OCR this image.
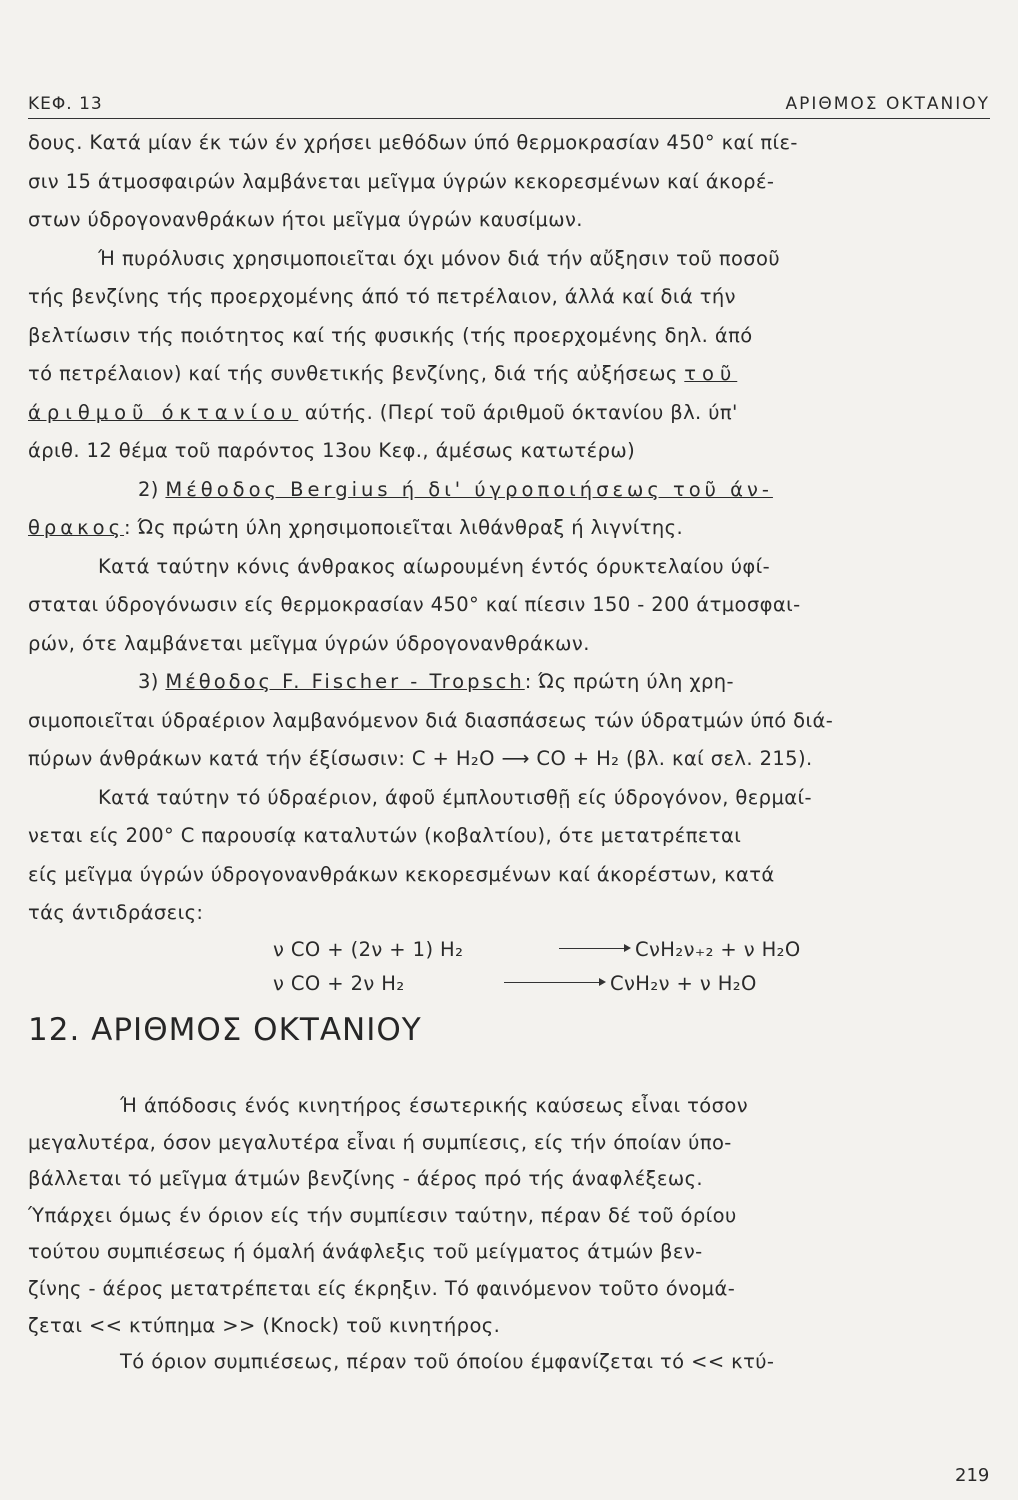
ΚΕΦ. 13	ΑΡΙΘΜΟΣ ΟΚΤΑΝΙΟΥ
δους. Κατά μίαν έκ τών έν χρήσει μεθόδων ύπό θερμοκρασίαν 450° καί πίε-
σιν 15 άτμοσφαιρών λαμβάνεται μεῖγμα ύγρών κεκορεσμένων καί άκορέ-
στων ύδρογονανθράκων ήτοι μεῖγμα ύγρών καυσίμων.
Ή πυρόλυσις χρησιμοποιεῖται όχι μόνον διά τήν αὔξησιν τοῦ ποσοῦ
τής βενζίνης τής προερχομένης άπό τό πετρέλαιον, άλλά καί διά τήν
βελτίωσιν τής ποιότητος καί τής φυσικής (τής προερχομένης δηλ. άπό
τό πετρέλαιον) καί τής συνθετικής βενζίνης, διά τής αὐξήσεως τοῦ
άριθμοῦ όκτανίου αύτής. (Περί τοῦ άριθμοῦ όκτανίου βλ. ύπ'
άριθ. 12 θέμα τοῦ παρόντος 13ου Κεφ., άμέσως κατωτέρω)
2) Μέθοδος Bergius ή δι' ύγροποιήσεως τοῦ άν-
θρακος: Ώς πρώτη ύλη χρησιμοποιεῖται λιθάνθραξ ή λιγνίτης.
Κατά ταύτην κόνις άνθρακος αίωρουμένη έντός όρυκτελαίου ύφί-
σταται ύδρογόνωσιν είς θερμοκρασίαν 450° καί πίεσιν 150 - 200 άτμοσφαι-
ρών, ότε λαμβάνεται μεῖγμα ύγρών ύδρογονανθράκων.
3) Μέθοδος F. Fischer - Tropsch: Ώς πρώτη ύλη χρη-
σιμοποιεῖται ύδραέριον λαμβανόμενον διά διασπάσεως τών ύδρατμών ύπό διά-
πύρων άνθράκων κατά τήν έξίσωσιν: C + H₂O ⟶ CO + H₂ (βλ. καί σελ. 215).
Κατά ταύτην τό ύδραέριον, άφοῦ έμπλουτισθῇ είς ύδρογόνον, θερμαί-
νεται είς 200° C παρουσίᾳ καταλυτών (κοβαλτίου), ότε μετατρέπεται
είς μεῖγμα ύγρών ύδρογονανθράκων κεκορεσμένων καί άκορέστων, κατά
τάς άντιδράσεις:
ν CO + (2ν + 1) H₂	CνH₂ν₊₂ + ν H₂O
ν CO + 2ν H₂	CνH₂ν + ν H₂O
12. ΑΡΙΘΜΟΣ ΟΚΤΑΝΙΟΥ
Ή άπόδοσις ένός κινητήρος έσωτερικής καύσεως εἶναι τόσον
μεγαλυτέρα, όσον μεγαλυτέρα εἶναι ή συμπίεσις, είς τήν όποίαν ύπο-
βάλλεται τό μεῖγμα άτμών βενζίνης - άέρος πρό τής άναφλέξεως.
Ύπάρχει όμως έν όριον είς τήν συμπίεσιν ταύτην, πέραν δέ τοῦ όρίου
τούτου συμπιέσεως ή όμαλή άνάφλεξις τοῦ μείγματος άτμών βεν-
ζίνης - άέρος μετατρέπεται είς έκρηξιν. Τό φαινόμενον τοῦτο όνομά-
ζεται << κτύπημα >> (Knock) τοῦ κινητήρος.
Τό όριον συμπιέσεως, πέραν τοῦ όποίου έμφανίζεται τό << κτύ-
219
